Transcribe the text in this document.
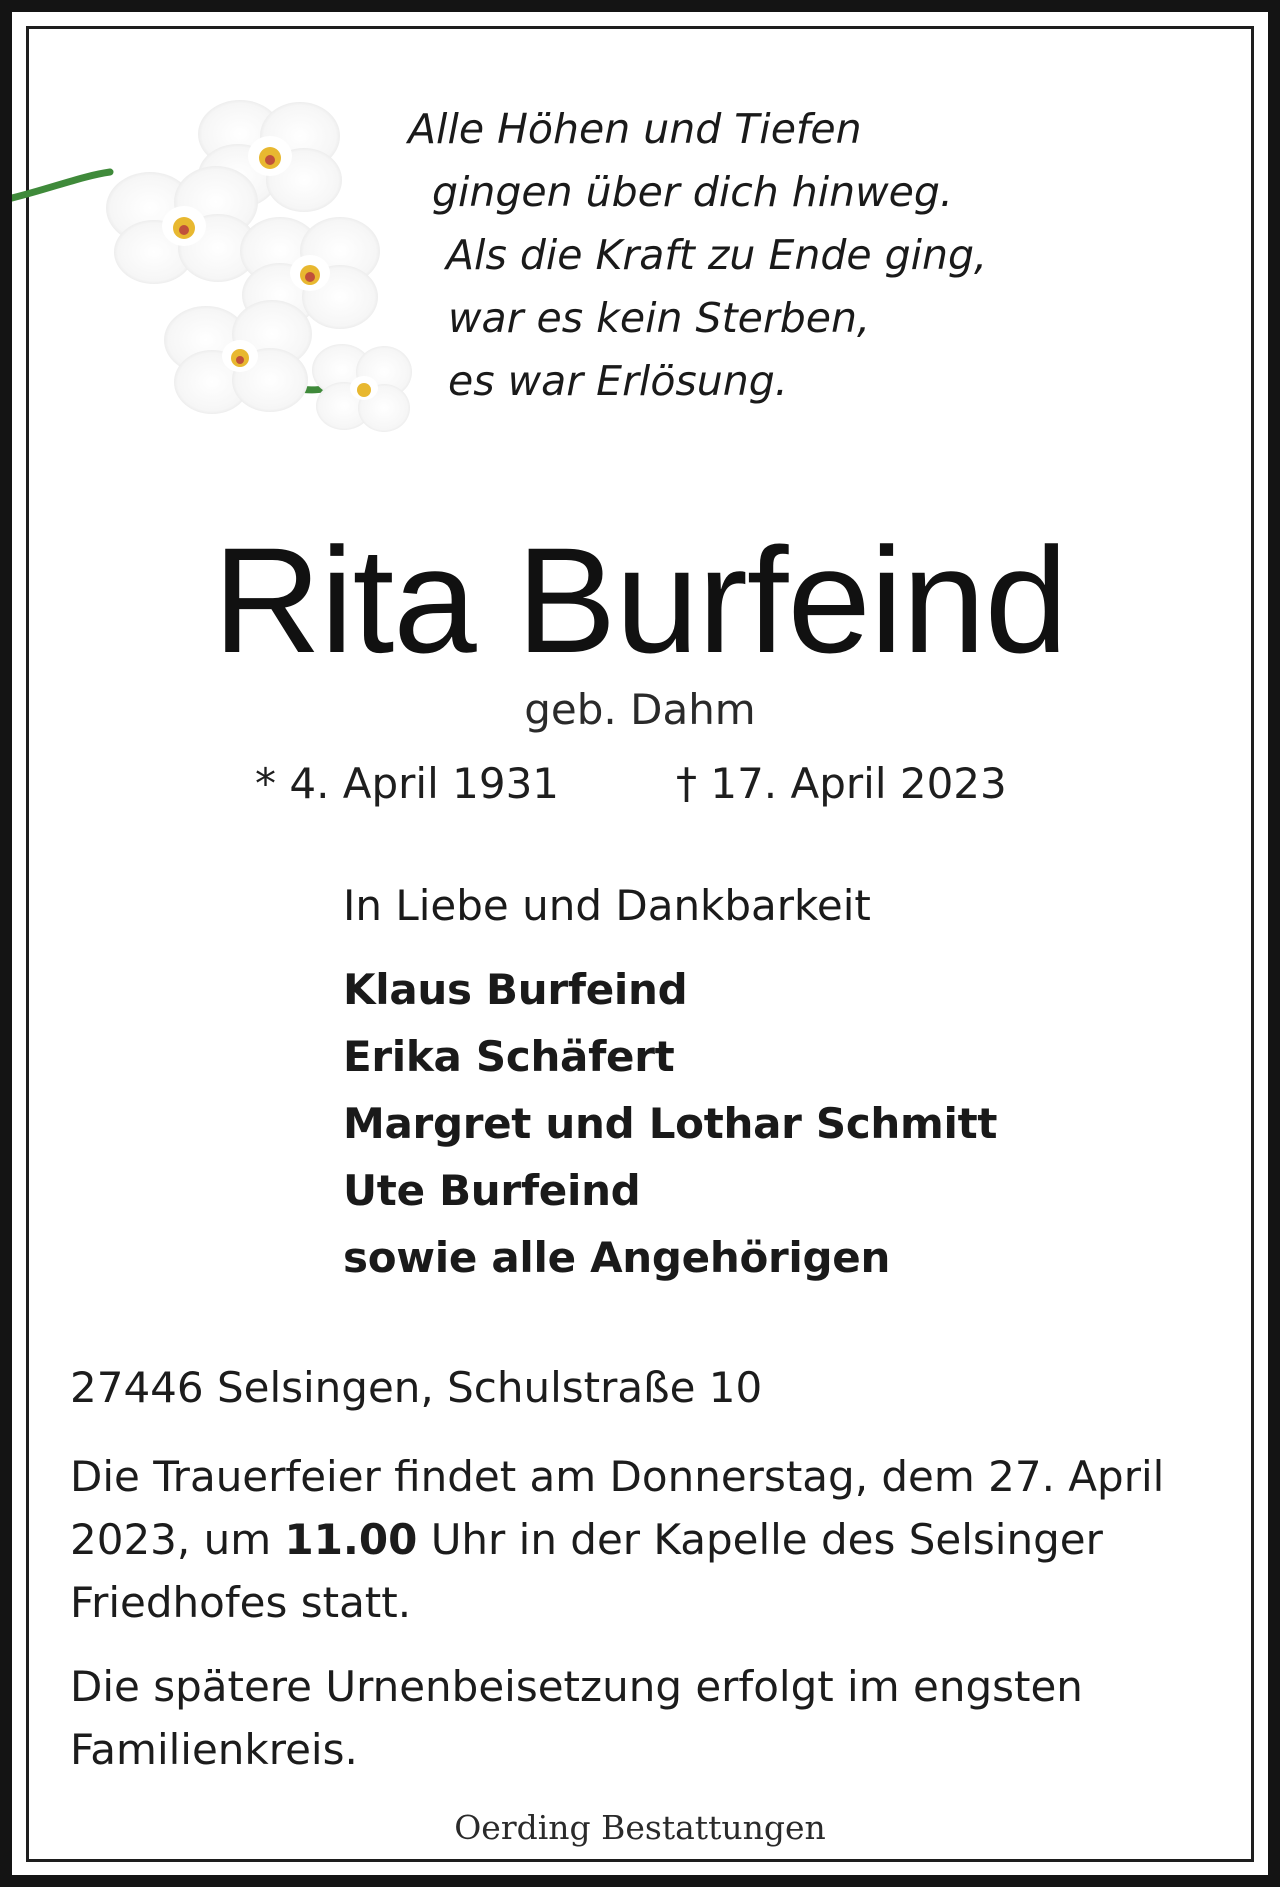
Alle Höhen und Tiefen
gingen über dich hinweg.
Als die Kraft zu Ende ging,
war es kein Sterben,
es war Erlösung.
Rita Burfeind
geb. Dahm
* 4. April 1931	† 17. April 2023
In Liebe und Dankbarkeit
Klaus Burfeind
Erika Schäfert
Margret und Lothar Schmitt
Ute Burfeind
sowie alle Angehörigen
27446 Selsingen, Schulstraße 10
Die Trauerfeier findet am Donnerstag, dem 27. April 2023, um 11.00 Uhr in der Kapelle des Selsinger Friedhofes statt.
Die spätere Urnenbeisetzung erfolgt im engsten Familienkreis.
Oerding Bestattungen
